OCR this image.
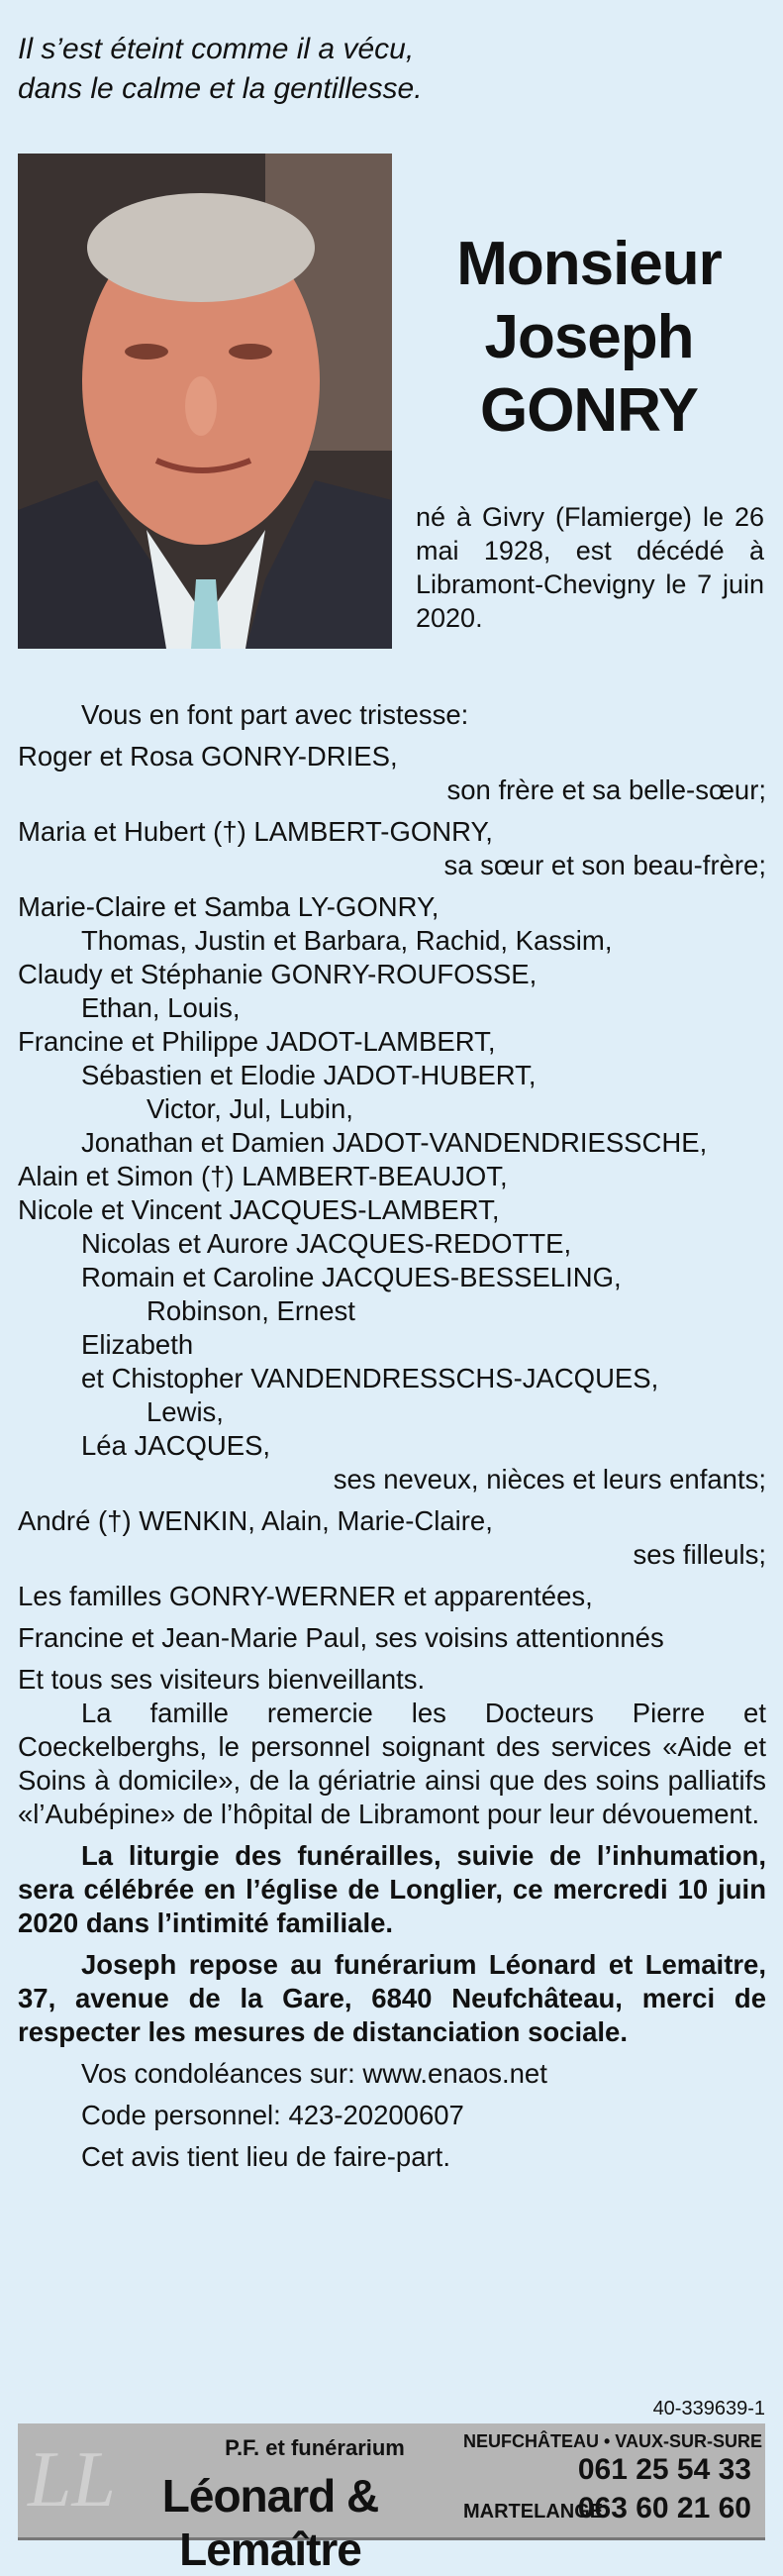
Il s’est éteint comme il a vécu,
dans le calme et la gentillesse.
Monsieur
Joseph
GONRY
né à Givry (Flamierge) le 26 mai 1928, est décédé à Libramont-Chevigny le 7 juin 2020.
Vous en font part avec tristesse:
Roger et Rosa GONRY-DRIES,
son frère et sa belle-sœur;
Maria et Hubert (†) LAMBERT-GONRY,
sa sœur et son beau-frère;
Marie-Claire et Samba LY-GONRY,
Thomas, Justin et Barbara, Rachid, Kassim,
Claudy et Stéphanie GONRY-ROUFOSSE,
Ethan, Louis,
Francine et Philippe JADOT-LAMBERT,
Sébastien et Elodie JADOT-HUBERT,
Victor, Jul, Lubin,
Jonathan et Damien JADOT-VANDENDRIESSCHE,
Alain et Simon (†) LAMBERT-BEAUJOT,
Nicole et Vincent JACQUES-LAMBERT,
Nicolas et Aurore JACQUES-REDOTTE,
Romain et Caroline JACQUES-BESSELING,
Robinson, Ernest
Elizabeth
et Chistopher VANDENDRESSCHS-JACQUES,
Lewis,
Léa JACQUES,
ses neveux, nièces et leurs enfants;
André (†) WENKIN, Alain, Marie-Claire,
ses filleuls;
Les familles GONRY-WERNER et apparentées,
Francine et Jean-Marie Paul, ses voisins attentionnés
Et tous ses visiteurs bienveillants.
La famille remercie les Docteurs Pierre et Coeckelberghs, le personnel soignant des services «Aide et Soins à domicile», de la gériatrie ainsi que des soins palliatifs «l’Aubépine» de l’hôpital de Libramont pour leur dévouement.
La liturgie des funérailles, suivie de l’inhumation, sera célébrée en l’église de Longlier, ce mercredi 10 juin 2020 dans l’intimité familiale.
Joseph repose au funérarium Léonard et Lemaitre, 37, avenue de la Gare, 6840 Neufchâteau, merci de respecter les mesures de distanciation sociale.
Vos condoléances sur: www.enaos.net
Code personnel: 423-20200607
Cet avis tient lieu de faire-part.
40-339639-1
LL	P.F. et funérarium
Léonard & Lemaître
NEUFCHÂTEAU • VAUX-SUR-SURE
061 25 54 33
MARTELANGE
063 60 21 60
